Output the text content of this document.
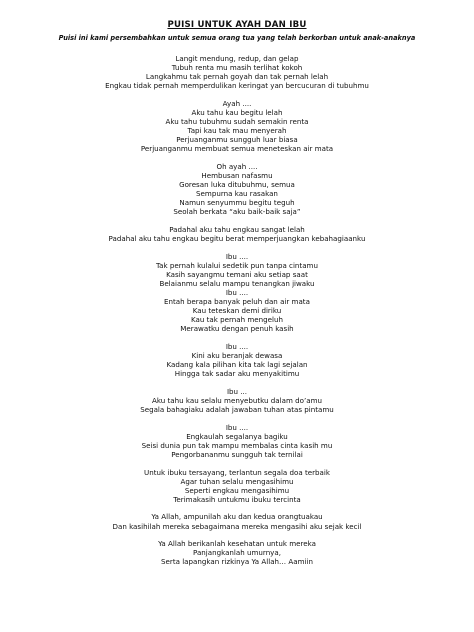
PUISI UNTUK AYAH DAN IBU

Puisi ini kami persembahkan untuk semua orang tua yang telah berkorban untuk anak-anaknya

Langit mendung, redup, dan gelap

Tubuh renta mu masih terlihat kokoh

Langkahmu tak pernah goyah dan tak pernah lelah

Engkau tidak pernah memperdulikan keringat yan bercucuran di tubuhmu

Ayah ....

Aku tahu kau begitu lelah

Aku tahu tubuhmu sudah semakin renta

Tapi kau tak mau menyerah

Perjuanganmu sungguh luar biasa

Perjuanganmu membuat semua meneteskan air mata

Oh ayah ....

Hembusan nafasmu

Goresan luka ditubuhmu, semua

Sempurna kau rasakan

Namun senyummu begitu teguh

Seolah berkata “aku baik-baik saja”

Padahal aku tahu engkau sangat lelah

Padahal aku tahu engkau begitu berat memperjuangkan kebahagiaanku

Ibu ....

Tak pernah kulalui sedetik pun tanpa cintamu

Kasih sayangmu temani aku setiap saat

Belaianmu selalu mampu tenangkan jiwaku

Ibu ....

Entah berapa banyak peluh dan air mata

Kau teteskan demi diriku

Kau tak pernah mengeluh

Merawatku dengan penuh kasih

Ibu ....

Kini aku beranjak dewasa

Kadang kala pilihan kita tak lagi sejalan

Hingga tak sadar aku menyakitimu

Ibu ...

Aku tahu kau selalu menyebutku dalam do’amu

Segala bahagiaku adalah jawaban tuhan atas pintamu

Ibu ....

Engkaulah segalanya bagiku

Seisi dunia pun tak mampu membalas cinta kasih mu

Pengorbananmu sungguh tak ternilai

Untuk ibuku tersayang, terlantun segala doa terbaik

Agar tuhan selalu mengasihimu

Seperti engkau mengasihimu

Terimakasih untukmu ibuku tercinta

Ya Allah, ampunilah aku dan kedua orangtuakau

Dan kasihilah mereka sebagaimana mereka mengasihi aku sejak kecil

Ya Allah berikanlah kesehatan untuk mereka

Panjangkanlah umurnya,

Serta lapangkan rizkinya Ya Allah… Aamiin
